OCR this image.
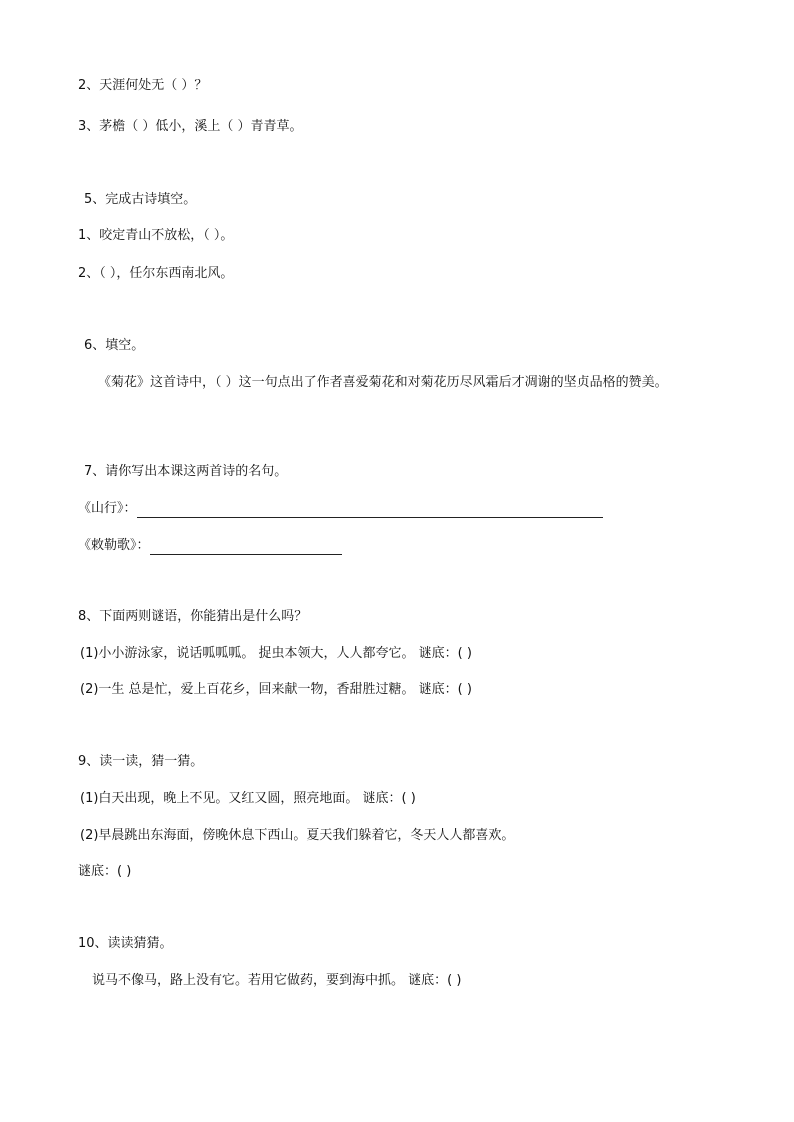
2、天涯何处无（ ）？
3、茅檐（ ）低小，溪上（ ）青青草。
5、完成古诗填空。
1、咬定青山不放松，（ ）。
2、（ ），任尔东西南北风。
6、填空。
《菊花》这首诗中，（ ）这一句点出了作者喜爱菊花和对菊花历尽风霜后才凋谢的坚贞品格的赞美。
7、请你写出本课这两首诗的名句。
《山行》：
《敕勒歌》：
8、下面两则谜语，你能猜出是什么吗？
(1)小小游泳家，说话呱呱呱。 捉虫本领大，人人都夸它。 谜底：( )
(2)一生 总是忙，爱上百花乡，回来献一物，香甜胜过糖。 谜底：( )
9、读一读，猜一猜。
(1)白天出现，晚上不见。又红又圆，照亮地面。 谜底：( )
(2)早晨跳出东海面，傍晚休息下西山。夏天我们躲着它，冬天人人都喜欢。
谜底：( )
10、读读猜猜。
说马不像马，路上没有它。若用它做药，要到海中抓。 谜底：( )
